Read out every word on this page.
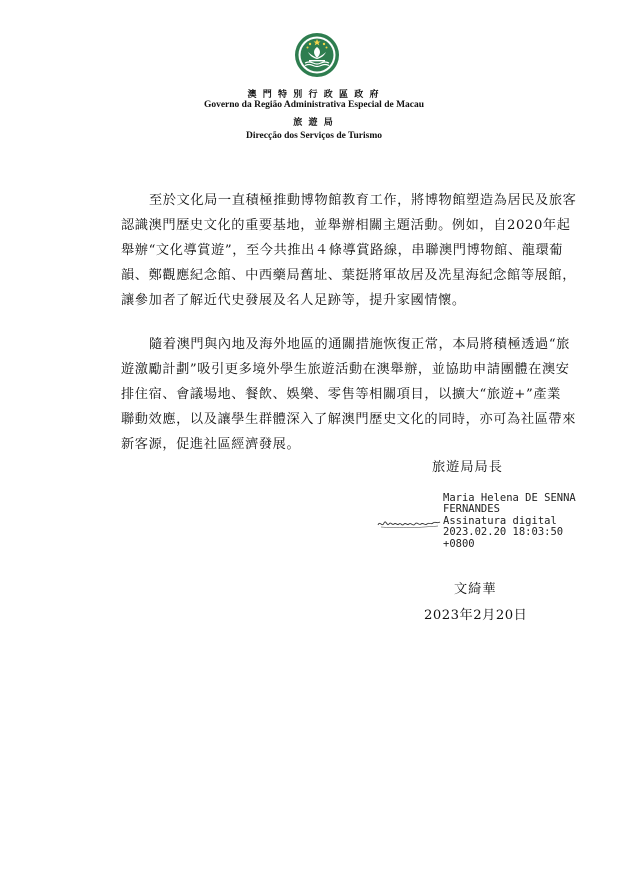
澳 門 特 別 行 政 區 政 府
Governo da Região Administrativa Especial de Macau
旅 遊 局
Direcção dos Serviços de Turismo
至於文化局一直積極推動博物館教育工作，將博物館塑造為居民及旅客
認識澳門歷史文化的重要基地，並舉辦相關主題活動。例如，自2020年起
舉辦“文化導賞遊”，至今共推出４條導賞路線，串聯澳門博物館、龍環葡
韻、鄭觀應紀念館、中西藥局舊址、葉挺將軍故居及冼星海紀念館等展館，
讓參加者了解近代史發展及名人足跡等，提升家國情懷。
隨着澳門與內地及海外地區的通關措施恢復正常，本局將積極透過“旅
遊激勵計劃”吸引更多境外學生旅遊活動在澳舉辦，並協助申請團體在澳安
排住宿、會議場地、餐飲、娛樂、零售等相關項目，以擴大“旅遊+”產業
聯動效應，以及讓學生群體深入了解澳門歷史文化的同時，亦可為社區帶來
新客源，促進社區經濟發展。
旅遊局局長
Maria Helena DE SENNA
FERNANDES
Assinatura digital
2023.02.20 18:03:50
+0800
文綺華
2023年2月20日
